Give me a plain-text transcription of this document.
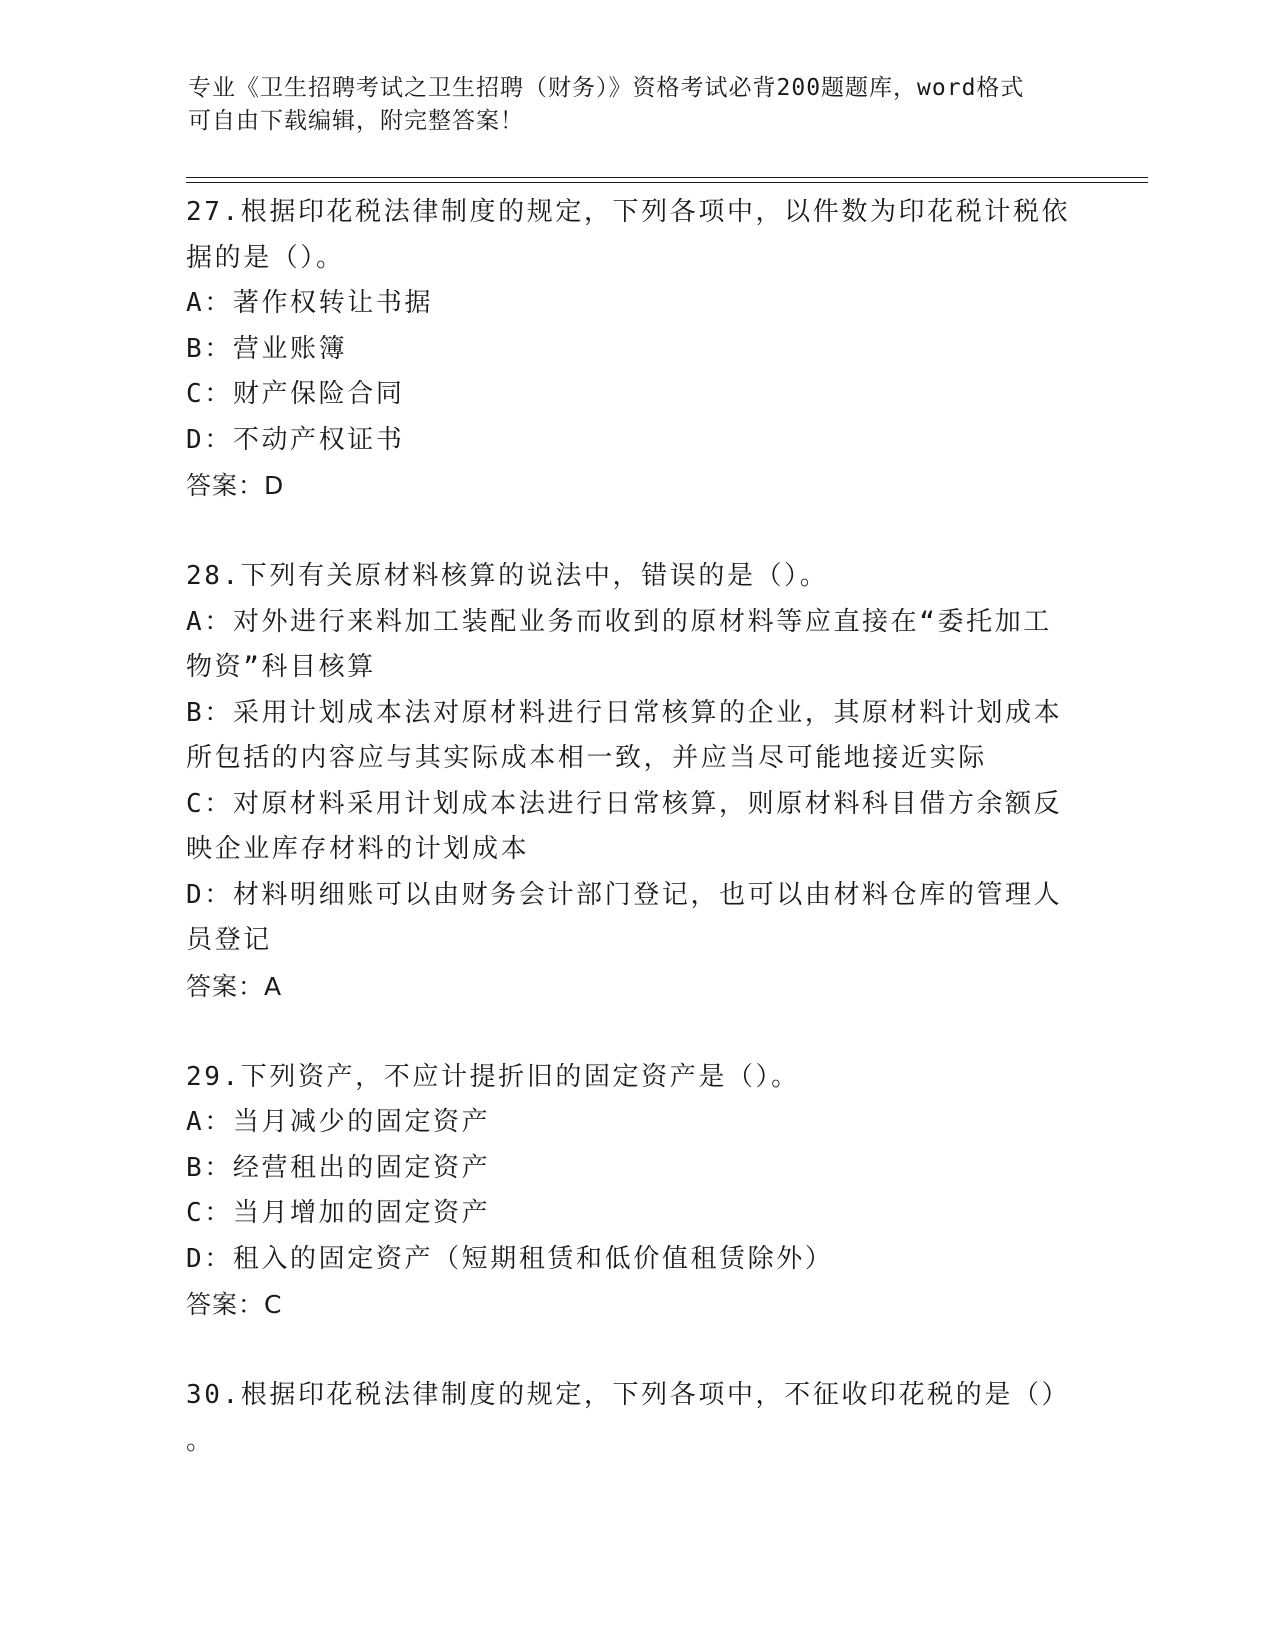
专业《卫生招聘考试之卫生招聘（财务）》资格考试必背200题题库，word格式
可自由下载编辑，附完整答案！
27.根据印花税法律制度的规定，下列各项中，以件数为印花税计税依
据的是（）。
A：著作权转让书据
B：营业账簿
C：财产保险合同
D：不动产权证书
答案：D
28.下列有关原材料核算的说法中，错误的是（）。
A：对外进行来料加工装配业务而收到的原材料等应直接在“委托加工
物资”科目核算
B：采用计划成本法对原材料进行日常核算的企业，其原材料计划成本
所包括的内容应与其实际成本相一致，并应当尽可能地接近实际
C：对原材料采用计划成本法进行日常核算，则原材料科目借方余额反
映企业库存材料的计划成本
D：材料明细账可以由财务会计部门登记，也可以由材料仓库的管理人
员登记
答案：A
29.下列资产，不应计提折旧的固定资产是（）。
A：当月减少的固定资产
B：经营租出的固定资产
C：当月增加的固定资产
D：租入的固定资产（短期租赁和低价值租赁除外）
答案：C
30.根据印花税法律制度的规定，下列各项中，不征收印花税的是（）
。
